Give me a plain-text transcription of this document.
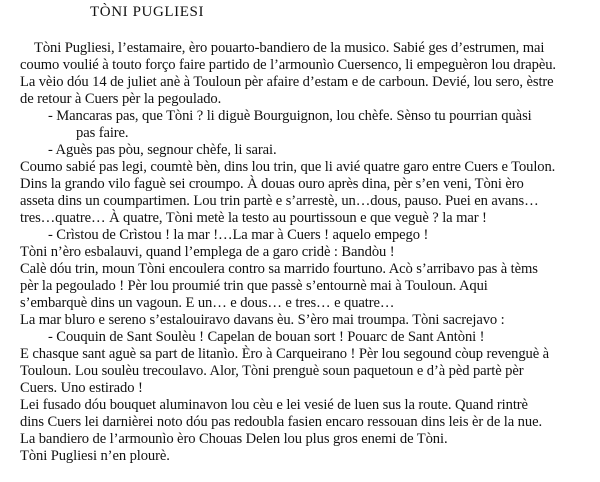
TÒNI PUGLIESI
Tòni Pugliesi, l’estamaire, èro pouarto-bandiero de la musico. Sabié ges d’estrumen, mai
coumo voulié à touto forço faire partido de l’armounìo Cuersenco, li empeguèron lou drapèu.
La vèio dóu 14 de juliet anè à Touloun pèr afaire d’estam e de carboun. Devié, lou sero, èstre
de retour à Cuers pèr la pegoulado.
- Mancaras pas, que Tòni ? li diguè Bourguignon, lou chèfe. Sènso tu pourrian quàsi
pas faire.
- Aguès pas pòu, segnour chèfe, li sarai.
Coumo sabié pas legi, coumtè bèn, dins lou trin, que li avié quatre garo entre Cuers e Toulon.
Dins la grando vilo faguè sei croumpo. À douas ouro après dina, pèr s’en veni, Tòni èro
asseta dins un coumpartimen. Lou trin partè e s’arrestè, un…dous, pauso. Puei en avans…
tres…quatre… À quatre, Tòni metè la testo au pourtissoun e que veguè ? la mar !
- Crìstou de Crìstou ! la mar !…La mar à Cuers ! aquelo empego !
Tòni n’èro esbalauvi, quand l’emplega de a garo cridè : Bandòu !
Calè dóu trin, moun Tòni encoulera contro sa marrido fourtuno. Acò s’arribavo pas à tèms
pèr la pegoulado ! Pèr lou proumié trin que passè s’entournè mai à Touloun. Aqui
s’embarquè dins un vagoun. E un… e dous… e tres… e quatre…
La mar bluro e sereno s’estalouiravo davans èu. S’èro mai troumpa. Tòni sacrejavo :
- Couquin de Sant Soulèu ! Capelan de bouan sort ! Pouarc de Sant Antòni !
E chasque sant aguè sa part de litanìo. Èro à Carqueirano ! Pèr lou segound còup revenguè à
Touloun. Lou soulèu trecoulavo. Alor, Tòni prenguè soun paquetoun e d’à pèd partè pèr
Cuers. Uno estirado !
Lei fusado dóu bouquet aluminavon lou cèu e lei vesié de luen sus la route. Quand rintrè
dins Cuers lei darnièrei noto dóu pas redoubla fasien encaro ressouan dins leis èr de la nue.
La bandiero de l’armounìo èro Chouas Delen lou plus gros enemi de Tòni.
Tòni Pugliesi n’en plourè.
